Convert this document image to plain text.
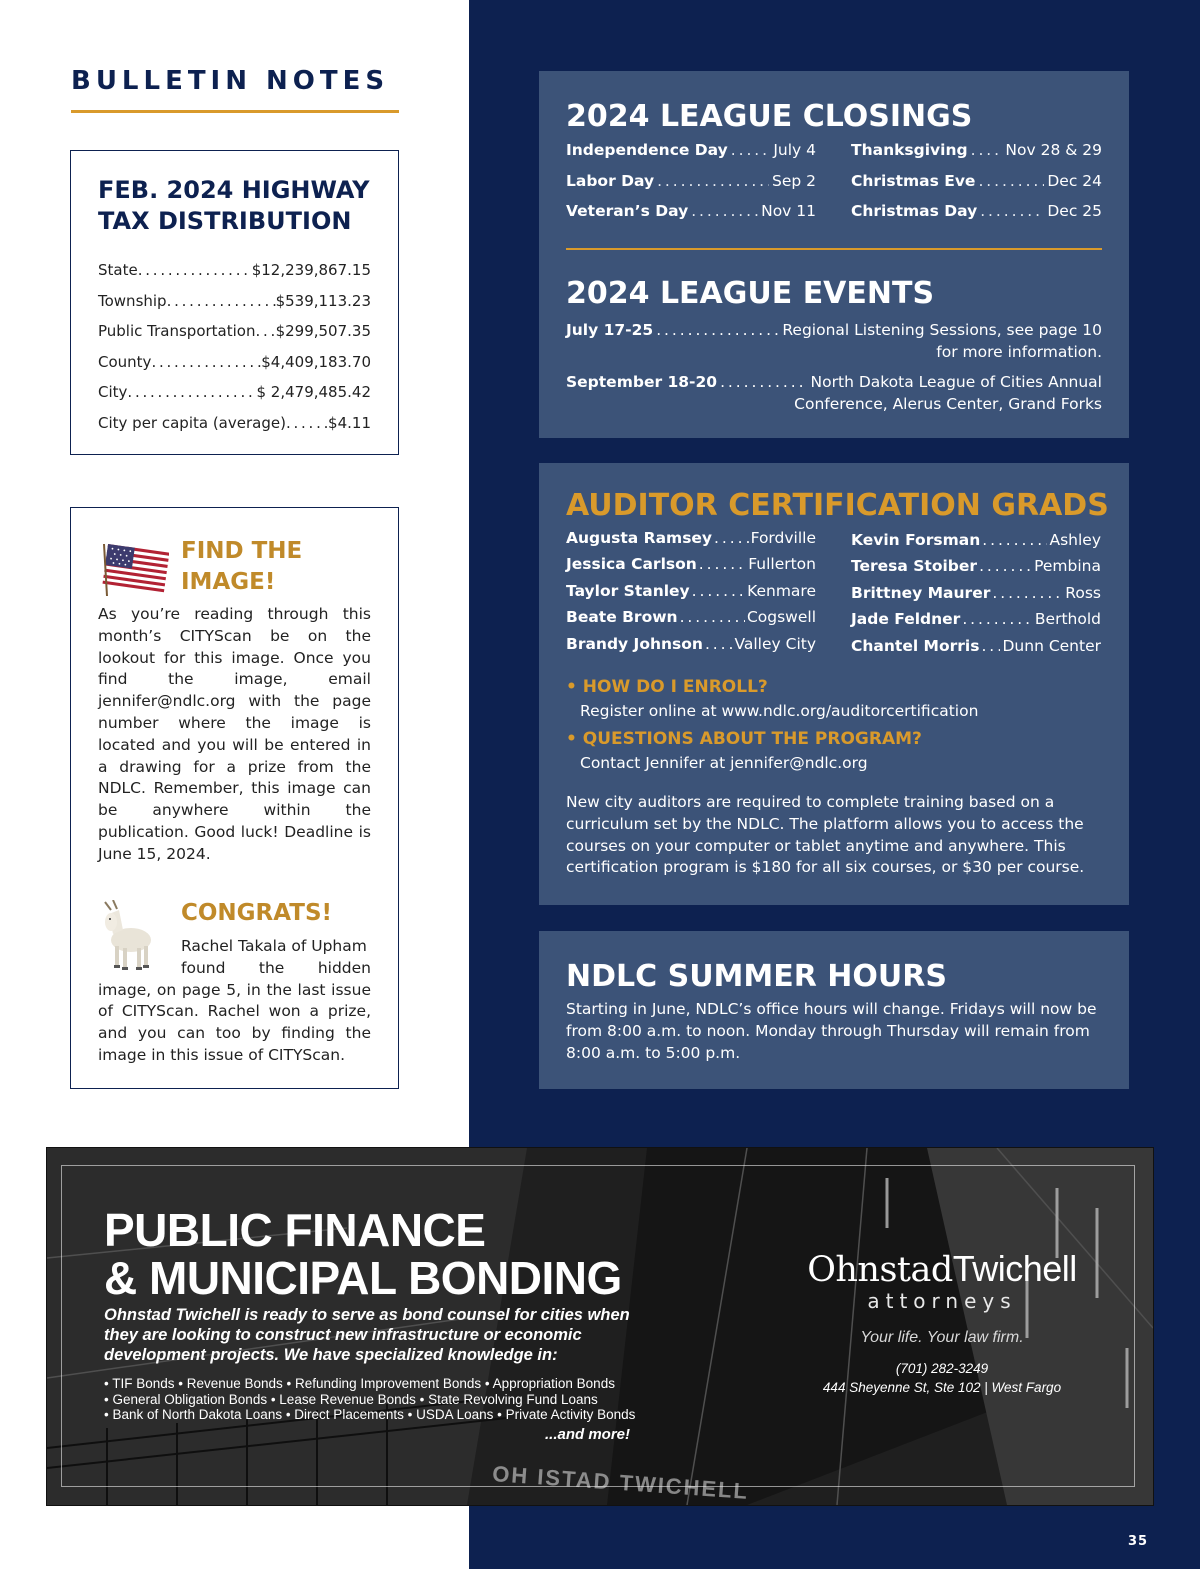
BULLETIN NOTES
FEB. 2024 HIGHWAY
TAX DISTRIBUTION
State . . .	$12,239,867.15
Township . . .	$539,113.23
Public Transportation . . . $299,507.35
County . . .	$4,409,183.70
City . . .	$ 2,479,485.42
City per capita (average) . . .	$4.11
FIND THE
IMAGE!
As you’re reading through this month’s CITYScan be on the lookout for this image. Once you find the image, email jennifer@ndlc.org with the page number where the image is located and you will be entered in a drawing for a prize from the NDLC. Remember, this image can be anywhere within the publication. Good luck! Deadline is June 15, 2024.
CONGRATS!
Rachel Takala of Upham
found the hidden
image, on page 5, in the last issue of CITYScan. Rachel won a prize, and you can too by finding the image in this issue of CITYScan.
2024 LEAGUE CLOSINGS
Independence Day . . .	July 4
Labor Day . . .	Sep 2
Veteran’s Day . . .	Nov 11
Thanksgiving . . . Nov 28 & 29
Christmas Eve . . .	Dec 24
Christmas Day . . .	Dec 25
2024 LEAGUE EVENTS
July 17-25 . . .	Regional Listening Sessions, see page 10
for more information.
September 18-20 . . .	North Dakota League of Cities Annual
Conference, Alerus Center, Grand Forks
AUDITOR CERTIFICATION GRADS
Augusta Ramsey . . . Fordville
Jessica Carlson . . .	Fullerton
Taylor Stanley . . .	Kenmare
Beate Brown . . .	Cogswell
Brandy Johnson . . . Valley City
Kevin Forsman . . .	Ashley
Teresa Stoiber . . .	Pembina
Brittney Maurer . . .	Ross
Jade Feldner . . .	Berthold
Chantel Morris . . . Dunn Center
• HOW DO I ENROLL?
Register online at www.ndlc.org/auditorcertification
• QUESTIONS ABOUT THE PROGRAM?
Contact Jennifer at jennifer@ndlc.org
New city auditors are required to complete training based on a curriculum set by the NDLC. The platform allows you to access the courses on your computer or tablet anytime and anywhere. This certification program is $180 for all six courses, or $30 per course.
NDLC SUMMER HOURS
Starting in June, NDLC’s office hours will change. Fridays will now be from 8:00 a.m. to noon. Monday through Thursday will remain from 8:00 a.m. to 5:00 p.m.
PUBLIC FINANCE
& MUNICIPAL BONDING
Ohnstad Twichell is ready to serve as bond counsel for cities when they are looking to construct new infrastructure or economic development projects. We have specialized knowledge in:
• TIF Bonds • Revenue Bonds • Refunding Improvement Bonds • Appropriation Bonds
• General Obligation Bonds • Lease Revenue Bonds • State Revolving Fund Loans
• Bank of North Dakota Loans • Direct Placements • USDA Loans • Private Activity Bonds
...and more!
OH ISTAD TWICHELL
OhnstadTwichell
attorneys
Your life. Your law firm.
(701) 282-3249
444 Sheyenne St, Ste 102 | West Fargo
35
